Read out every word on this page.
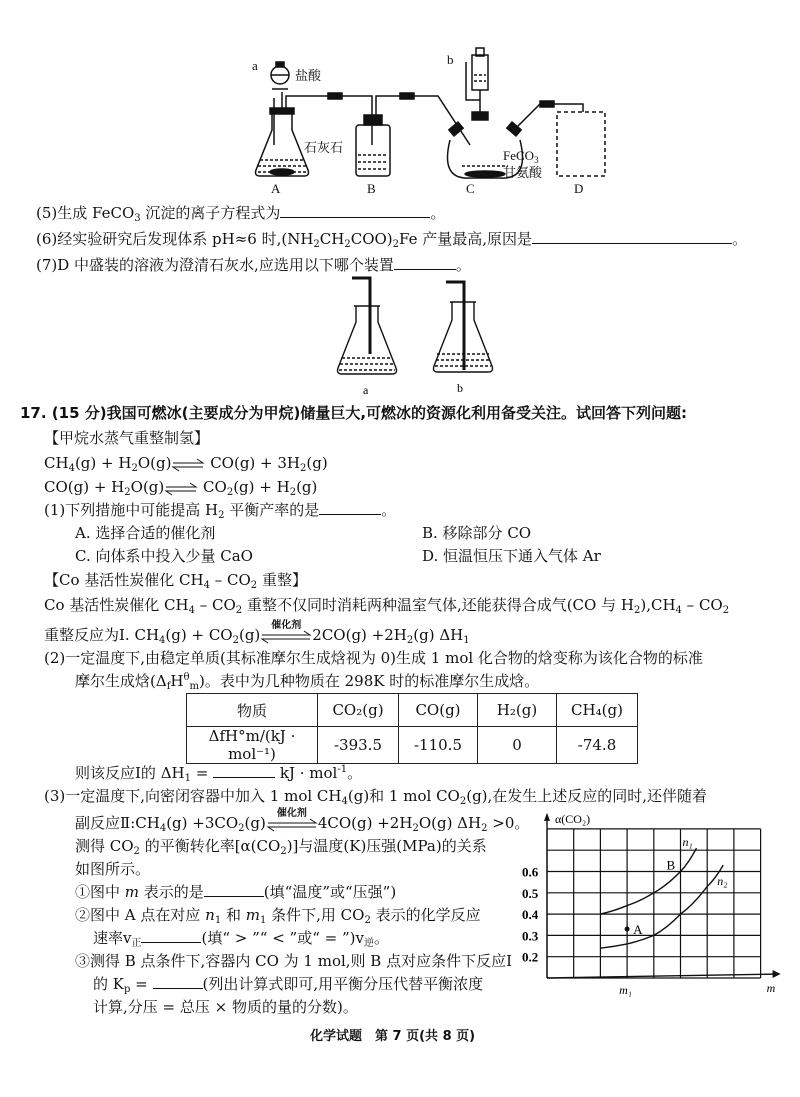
a
盐酸
石灰石
b
FeCO$_3$
甘氨酸
A	B	C	D
(5)生成 FeCO$_3$ 沉淀的离子方程式为	。
(6)经实验研究后发现体系 pH≈6 时$,(NH_2CH_2COO)_2Fe$ 产量最高,原因是	。
(7)D 中盛装的溶液为澄清石灰水,应选用以下哪个装置	。
a	b
17. (15 分)我国可燃冰(主要成分为甲烷)储量巨大,可燃冰的资源化利用备受关注。试回答下列问题:
【甲烷水蒸气重整制氢】
$CH_4(g)$ + $H_2O(g)\rightleftharpoons$ $CO(g) + 3H_2(g)$
$CO(g) + H_2O(g)\rightleftharpoons$ $CO_2(g) + H_2(g)$
(1)下列措施中可能提高 $H_2$ 平衡产率的是	。
A. 选择合适的催化剂	B. 移除部分 CO
C. 向体系中投入少量 CaO	D. 恒温恒压下通入气体 Ar
【Co 基活性炭催化 $CH_4 - CO_2$ 重整】
Co 基活性炭催化 $CH_4 - CO_2$ 重整不仅同时消耗两种温室气体,还能获得合成气(CO 与 $H_2),CH_4 - CO_2$
重整反应为Ⅰ. $CH_4(g) + CO_2(g)$
催化剂
$2CO(g) +2H_2(g)$ $\Delta H_1$
(2)一定温度下,由稳定单质(其标准摩尔生成焓视为 0)生成 1 mol 化合物的焓变称为该化合物的标准
摩尔生成焓$(\Delta_fH^\theta_m)$。表中为几种物质在 298K 时的标准摩尔生成焓。
物质	CO₂(g)	CO(g)	H₂(g)	CH₄(g)
ΔfH°m/(kJ · mol⁻¹)	-393.5	-110.5	0	-74.8
则该反应Ⅰ的 $\Delta H_1$ =	kJ · mol$^{-1}$。
(3)一定温度下,向密闭容器中加入 1 mol $CH_4(g)$和 1 mol $CO_2(g)$,在发生上述反应的同时,还伴随着
副反应$Ⅱ:CH_4(g) +3CO_2(g)$
催化剂
$4CO(g) +2H_2O(g)$ $\Delta H_2 >0$。
测得 $CO_2$ 的平衡转化率$[\alpha(CO_2)]$与温度(K)压强(MPa)的关系
如图所示。
①图中 m 表示的是	(填“温度”或“压强”)
②图中 A 点在对应 $n_1$ 和 $m_1$ 条件下,用 $CO_2$ 表示的化学反应
速率$v_正$	(填“ > ”“ < ”或“ = $”)v_逆$。
③测得 B 点条件下,容器内 CO 为 1 mol,则 B 点对应条件下反应Ⅰ
的 $K_p$ =	(列出计算式即可,用平衡分压代替平衡浓度
计算,分压 = 总压 × 物质的量的分数)。
0.2
0.3
0.4
0.5
0.6
α(CO₂)
m
m₁
n₁
n₂
A
B
化学试题　第 7 页(共 8 页)
